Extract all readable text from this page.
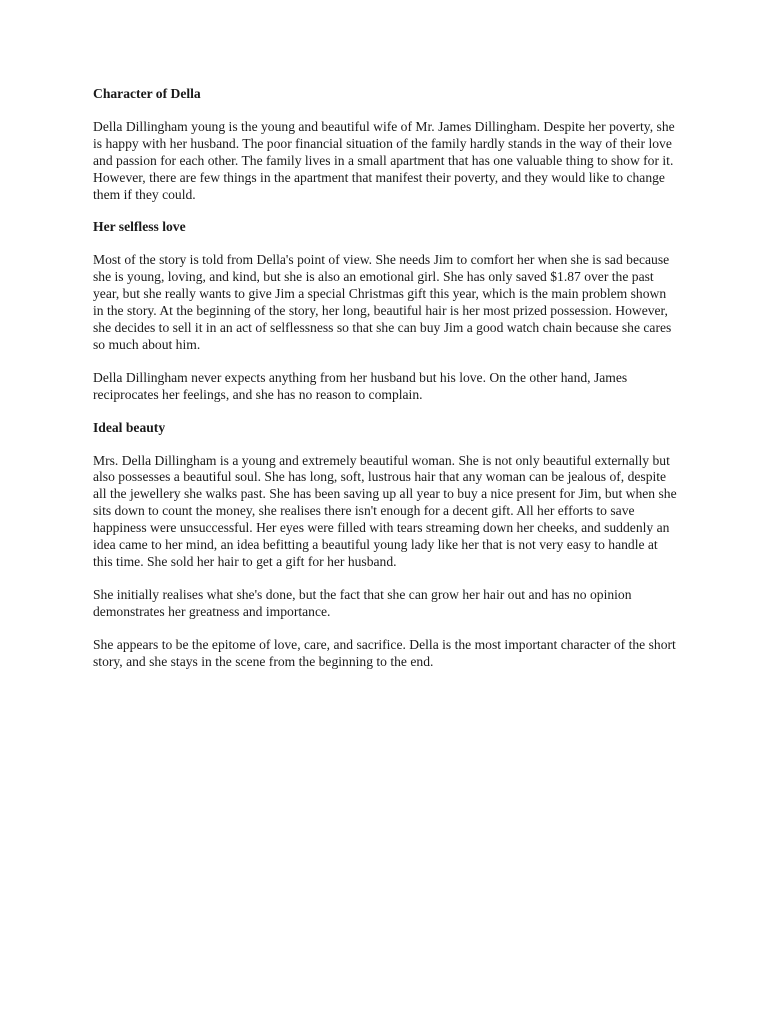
Character of Della

Della Dillingham young is the young and beautiful wife of Mr. James Dillingham. Despite her poverty, she is happy with her husband. The poor financial situation of the family hardly stands in the way of their love and passion for each other. The family lives in a small apartment that has one valuable thing to show for it. However, there are few things in the apartment that manifest their poverty, and they would like to change them if they could.

Her selfless love

Most of the story is told from Della's point of view. She needs Jim to comfort her when she is sad because she is young, loving, and kind, but she is also an emotional girl. She has only saved $1.87 over the past year, but she really wants to give Jim a special Christmas gift this year, which is the main problem shown in the story. At the beginning of the story, her long, beautiful hair is her most prized possession. However, she decides to sell it in an act of selflessness so that she can buy Jim a good watch chain because she cares so much about him.

Della Dillingham never expects anything from her husband but his love. On the other hand, James reciprocates her feelings, and she has no reason to complain.

Ideal beauty

Mrs. Della Dillingham is a young and extremely beautiful woman. She is not only beautiful externally but also possesses a beautiful soul. She has long, soft, lustrous hair that any woman can be jealous of, despite all the jewellery she walks past. She has been saving up all year to buy a nice present for Jim, but when she sits down to count the money, she realises there isn't enough for a decent gift. All her efforts to save happiness were unsuccessful. Her eyes were filled with tears streaming down her cheeks, and suddenly an idea came to her mind, an idea befitting a beautiful young lady like her that is not very easy to handle at this time. She sold her hair to get a gift for her husband.

She initially realises what she's done, but the fact that she can grow her hair out and has no opinion demonstrates her greatness and importance.

She appears to be the epitome of love, care, and sacrifice. Della is the most important character of the short story, and she stays in the scene from the beginning to the end.
